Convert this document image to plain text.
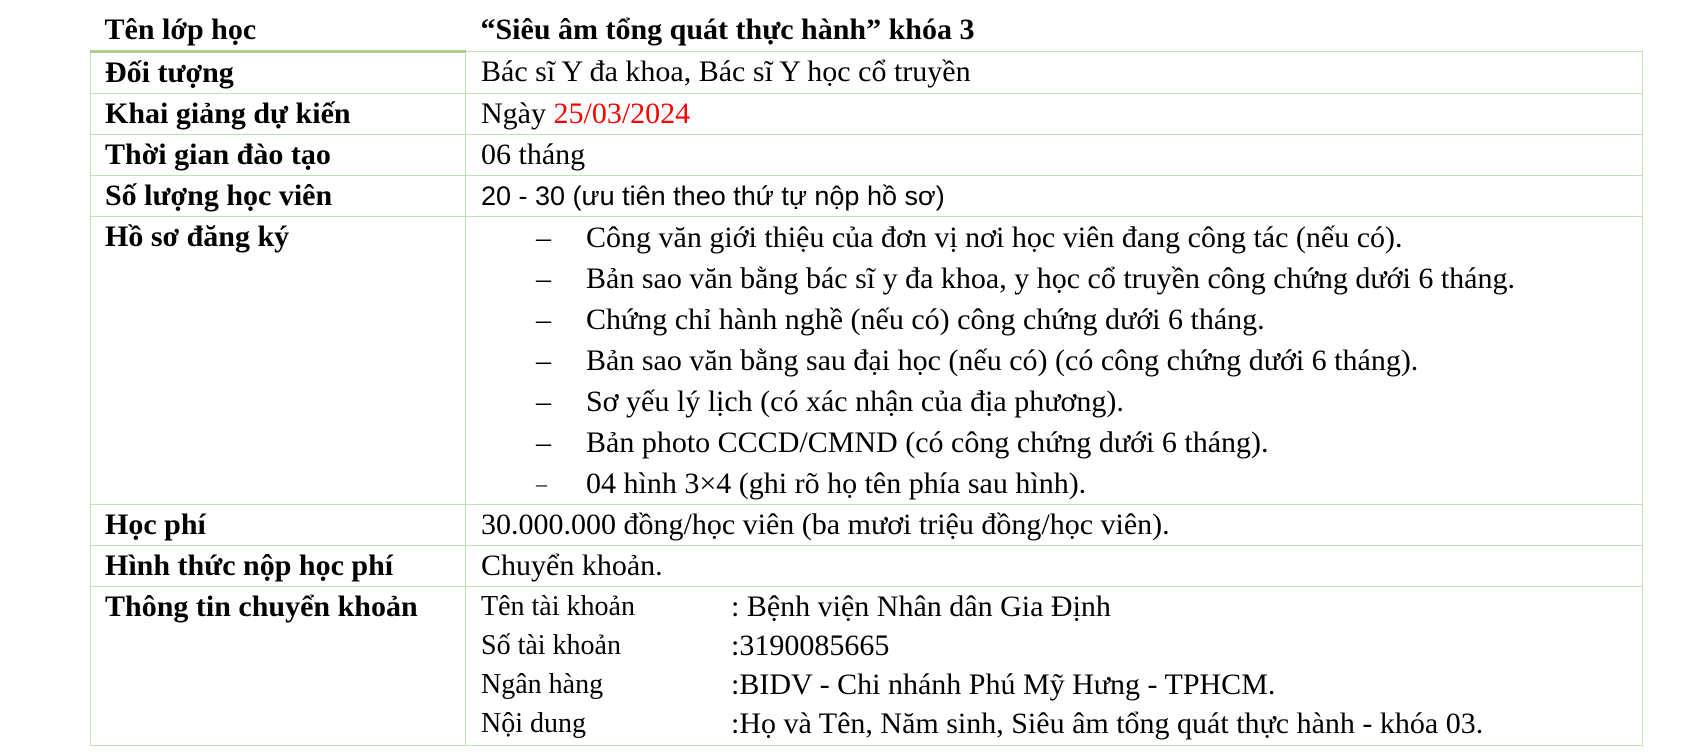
Tên lớp học	“Siêu âm tổng quát thực hành” khóa 3
Đối tượng	Bác sĩ Y đa khoa, Bác sĩ Y học cổ truyền
Khai giảng dự kiến	Ngày 25/03/2024
Thời gian đào tạo	06 tháng
Số lượng học viên	20 - 30 (ưu tiên theo thứ tự nộp hồ sơ)
Hồ sơ đăng ký	– Công văn giới thiệu của đơn vị nơi học viên đang công tác (nếu có).
– Bản sao văn bằng bác sĩ y đa khoa, y học cổ truyền công chứng dưới 6 tháng.
– Chứng chỉ hành nghề (nếu có) công chứng dưới 6 tháng.
– Bản sao văn bằng sau đại học (nếu có) (có công chứng dưới 6 tháng).
– Sơ yếu lý lịch (có xác nhận của địa phương).
– Bản photo CCCD/CMND (có công chứng dưới 6 tháng).
– 04 hình 3×4 (ghi rõ họ tên phía sau hình).

Học phí	30.000.000 đồng/học viên (ba mươi triệu đồng/học viên).
Hình thức nộp học phí	Chuyển khoản.
Thông tin chuyển khoản	Tên tài khoản	: Bệnh viện Nhân dân Gia Định
Số tài khoản	:3190085665
Ngân hàng	:BIDV - Chi nhánh Phú Mỹ Hưng - TPHCM.
Nội dung	:Họ và Tên, Năm sinh, Siêu âm tổng quát thực hành - khóa 03.
